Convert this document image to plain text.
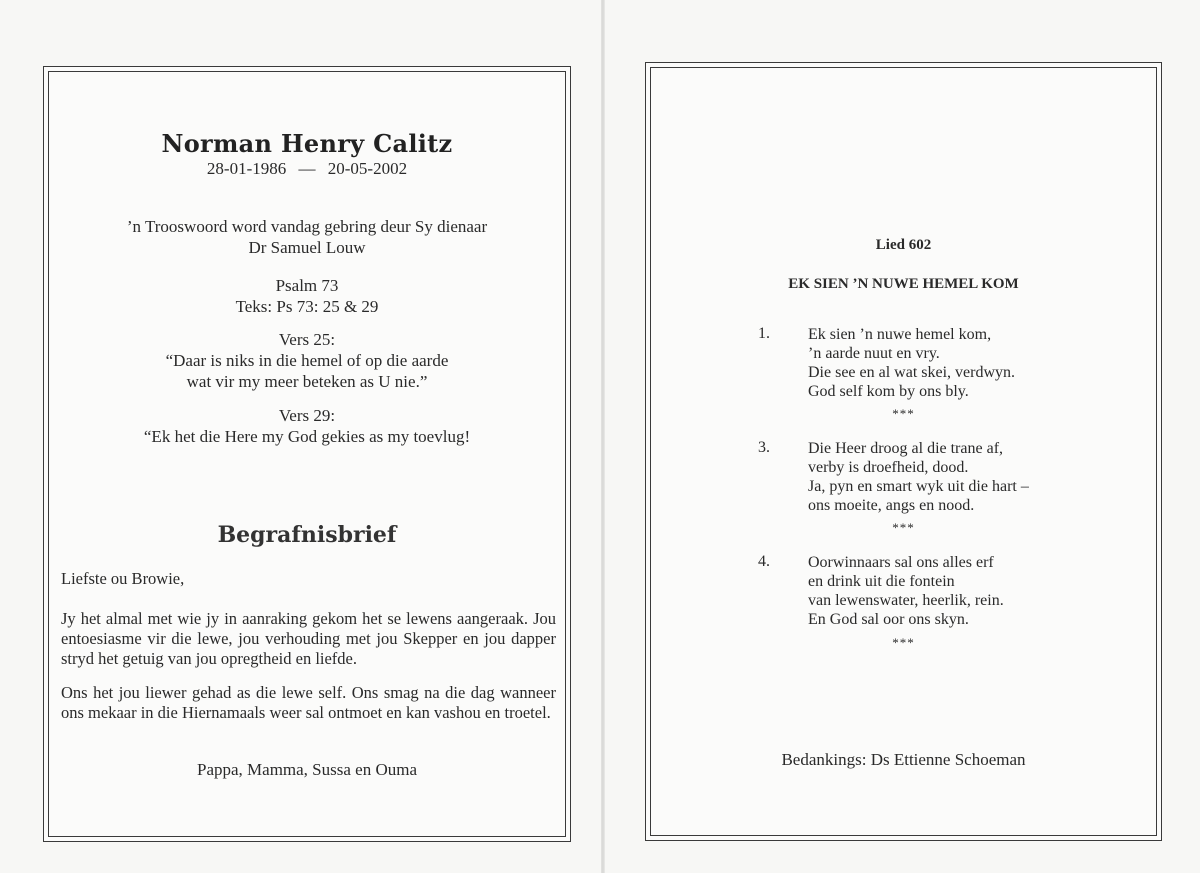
Norman Henry Calitz
28-01-1986 — 20-05-2002
’n Trooswoord word vandag gebring deur Sy dienaar
Dr Samuel Louw
Psalm 73
Teks: Ps 73: 25 & 29
Vers 25:
“Daar is niks in die hemel of op die aarde
wat vir my meer beteken as U nie.”
Vers 29:
“Ek het die Here my God gekies as my toevlug!
Begrafnisbrief
Liefste ou Browie,
Jy het almal met wie jy in aanraking gekom het se lewens aangeraak. Jou entoesiasme vir die lewe, jou verhouding met jou Skepper en jou dapper stryd het getuig van jou opregtheid en liefde.
Ons het jou liewer gehad as die lewe self. Ons smag na die dag wanneer ons mekaar in die Hiernamaals weer sal ontmoet en kan vashou en troetel.
Pappa, Mamma, Sussa en Ouma
Lied 602
EK SIEN ’N NUWE HEMEL KOM
1. Ek sien ’n nuwe hemel kom,
’n aarde nuut en vry.
Die see en al wat skei, verdwyn.
God self kom by ons bly.
***
3. Die Heer droog al die trane af,
verby is droefheid, dood.
Ja, pyn en smart wyk uit die hart –
ons moeite, angs en nood.
***
4. Oorwinnaars sal ons alles erf
en drink uit die fontein
van lewenswater, heerlik, rein.
En God sal oor ons skyn.
***
Bedankings: Ds Ettienne Schoeman
